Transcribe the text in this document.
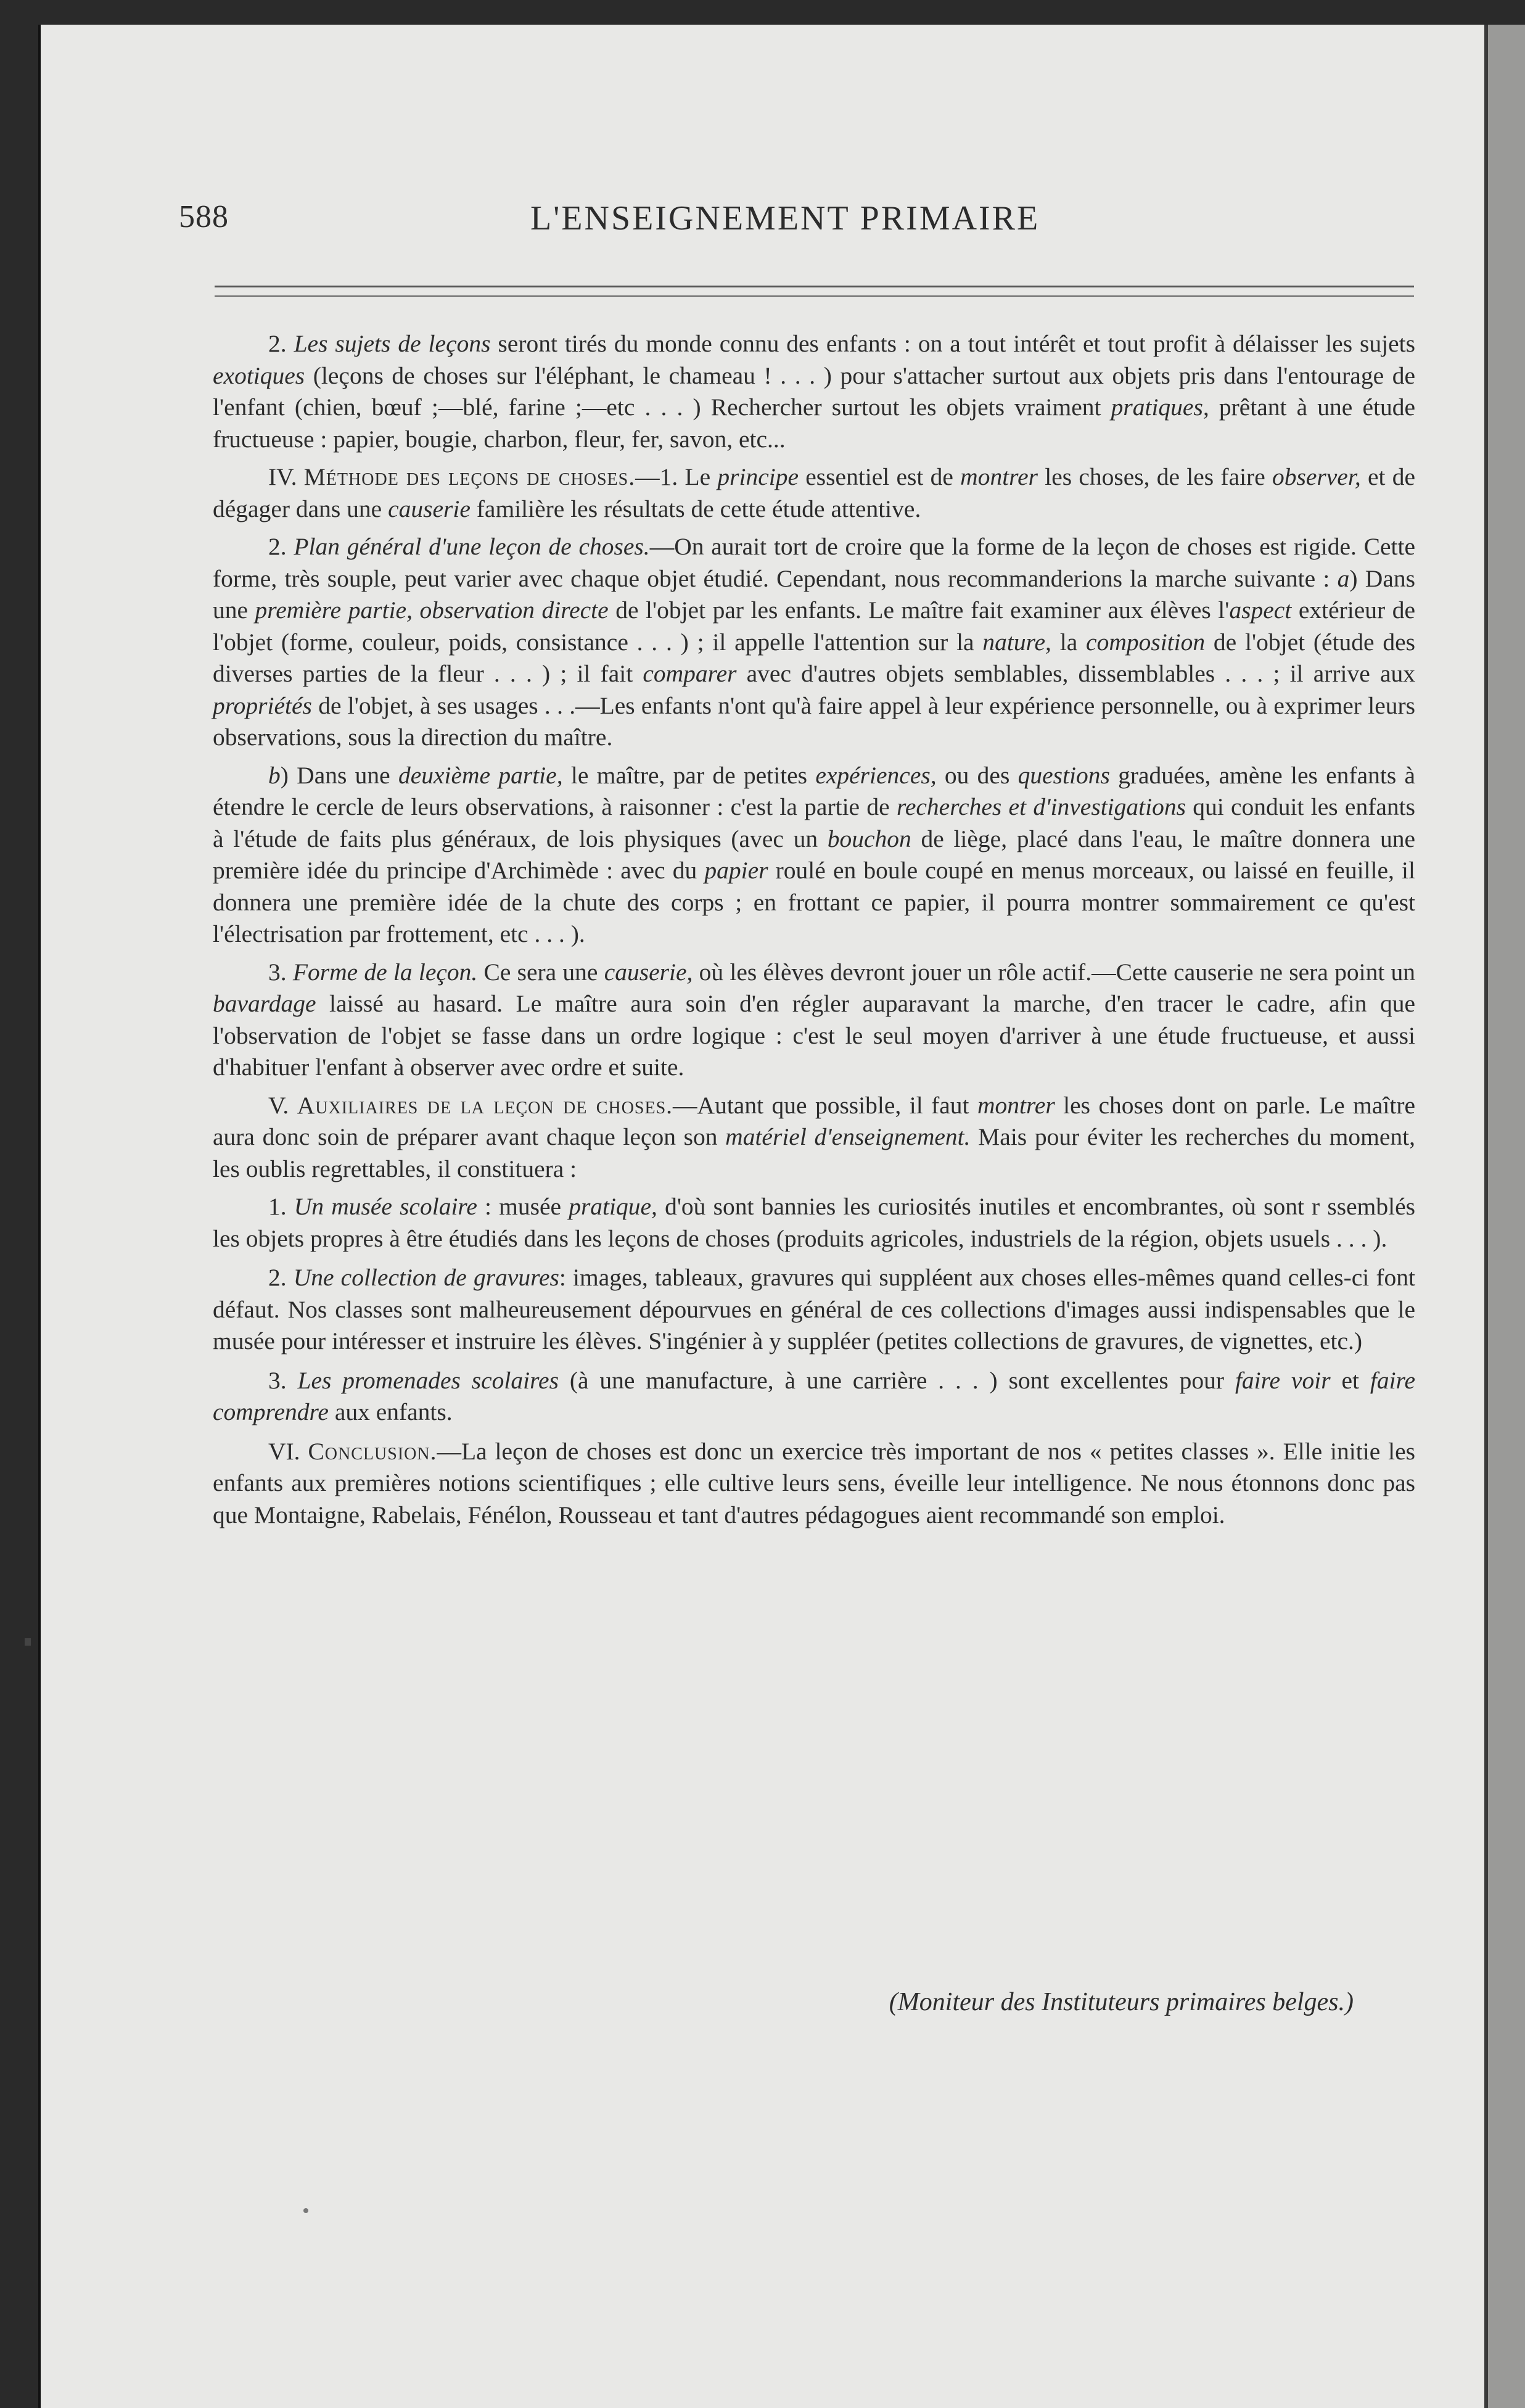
588	L'ENSEIGNEMENT PRIMAIRE

2. Les sujets de leçons seront tirés du monde connu des enfants : on a tout intérêt et tout profit à délaisser les sujets exotiques (leçons de choses sur l'éléphant, le chameau ! . . . ) pour s'attacher surtout aux objets pris dans l'entourage de l'enfant (chien, bœuf ;—blé, farine ;—etc . . . ) Rechercher surtout les objets vraiment pratiques, prêtant à une étude fructueuse : papier, bougie, charbon, fleur, fer, savon, etc...

IV. Méthode des leçons de choses.—1. Le principe essentiel est de montrer les choses, de les faire observer, et de dégager dans une causerie familière les résultats de cette étude attentive.

2. Plan général d'une leçon de choses.—On aurait tort de croire que la forme de la leçon de choses est rigide. Cette forme, très souple, peut varier avec chaque objet étudié. Cependant, nous recommanderions la marche suivante : a) Dans une première partie, observation directe de l'objet par les enfants. Le maître fait examiner aux élèves l'aspect extérieur de l'objet (forme, couleur, poids, consistance . . . ) ; il appelle l'attention sur la nature, la composition de l'objet (étude des diverses parties de la fleur . . . ) ; il fait comparer avec d'autres objets semblables, dissemblables . . . ; il arrive aux propriétés de l'objet, à ses usages . . .—Les enfants n'ont qu'à faire appel à leur expérience personnelle, ou à exprimer leurs observations, sous la direction du maître.

b) Dans une deuxième partie, le maître, par de petites expériences, ou des questions graduées, amène les enfants à étendre le cercle de leurs observations, à raisonner : c'est la partie de recherches et d'investigations qui conduit les enfants à l'étude de faits plus généraux, de lois physiques (avec un bouchon de liège, placé dans l'eau, le maître donnera une première idée du principe d'Archimède : avec du papier roulé en boule coupé en menus morceaux, ou laissé en feuille, il donnera une première idée de la chute des corps ; en frottant ce papier, il pourra montrer sommairement ce qu'est l'électrisation par frottement, etc . . . ).

3. Forme de la leçon. Ce sera une causerie, où les élèves devront jouer un rôle actif.—Cette causerie ne sera point un bavardage laissé au hasard. Le maître aura soin d'en régler auparavant la marche, d'en tracer le cadre, afin que l'observation de l'objet se fasse dans un ordre logique : c'est le seul moyen d'arriver à une étude fructueuse, et aussi d'habituer l'enfant à observer avec ordre et suite.

V. Auxiliaires de la leçon de choses.—Autant que possible, il faut montrer les choses dont on parle. Le maître aura donc soin de préparer avant chaque leçon son matériel d'enseignement. Mais pour éviter les recherches du moment, les oublis regrettables, il constituera :

1. Un musée scolaire : musée pratique, d'où sont bannies les curiosités inutiles et encombrantes, où sont r ssemblés les objets propres à être étudiés dans les leçons de choses (produits agricoles, industriels de la région, objets usuels . . . ).

2. Une collection de gravures: images, tableaux, gravures qui suppléent aux choses elles-mêmes quand celles-ci font défaut. Nos classes sont malheureusement dépourvues en général de ces collections d'images aussi indispensables que le musée pour intéresser et instruire les élèves. S'ingénier à y suppléer (petites collections de gravures, de vignettes, etc.)

3. Les promenades scolaires (à une manufacture, à une carrière . . . ) sont excellentes pour faire voir et faire comprendre aux enfants.

VI. Conclusion.—La leçon de choses est donc un exercice très important de nos « petites classes ». Elle initie les enfants aux premières notions scientifiques ; elle cultive leurs sens, éveille leur intelligence. Ne nous étonnons donc pas que Montaigne, Rabelais, Fénélon, Rousseau et tant d'autres pédagogues aient recommandé son emploi.

(Moniteur des Instituteurs primaires belges.)
